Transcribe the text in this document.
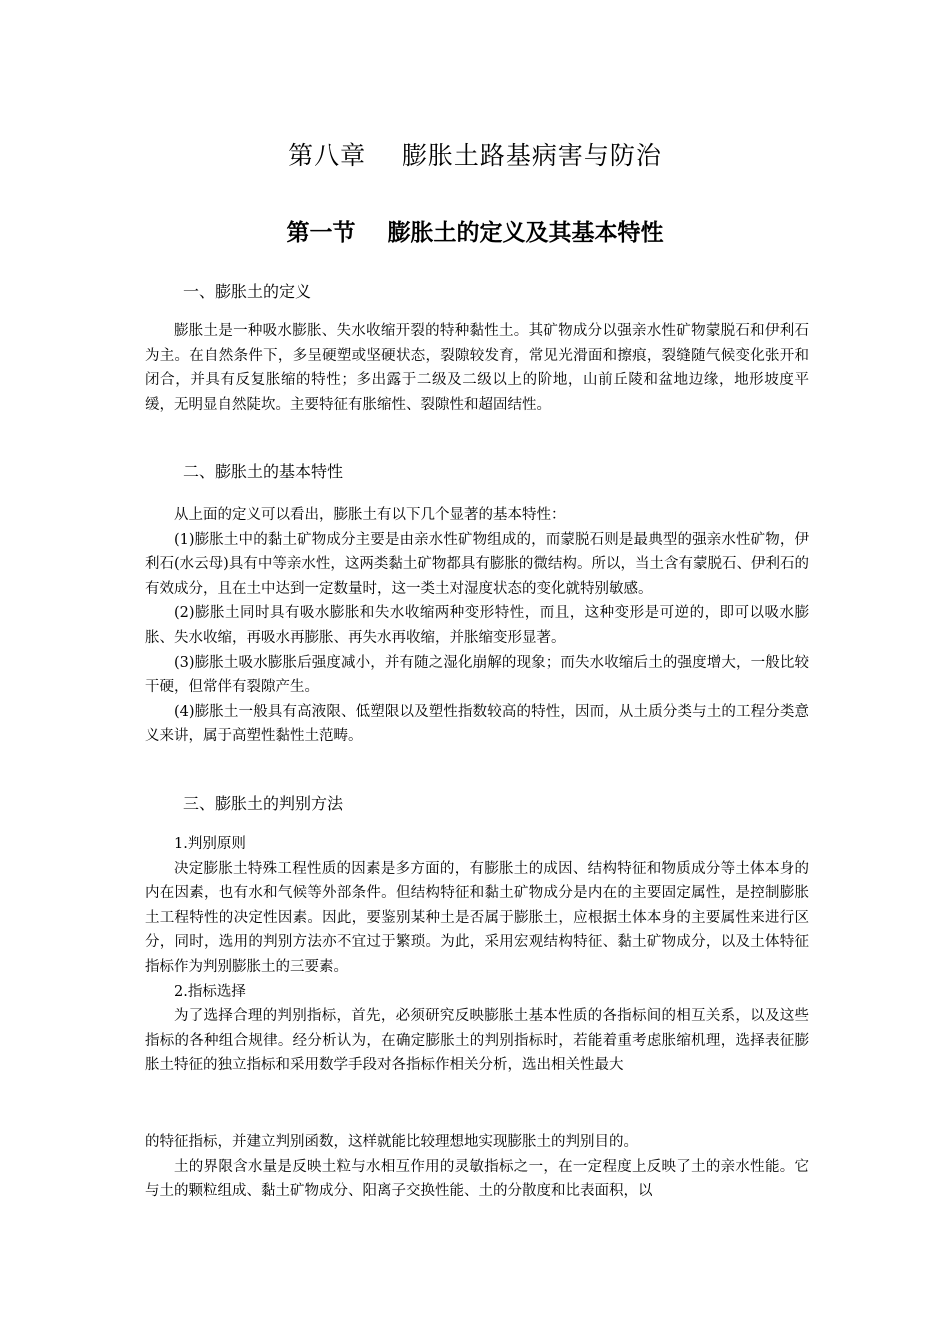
第八章    膨胀土路基病害与防治
第一节    膨胀土的定义及其基本特性
一、膨胀土的定义

膨胀土是一种吸水膨胀、失水收缩开裂的特种黏性土。其矿物成分以强亲水性矿物蒙脱石和伊利石为主。在自然条件下，多呈硬塑或坚硬状态，裂隙较发育，常见光滑面和擦痕，裂缝随气候变化张开和闭合，并具有反复胀缩的特性；多出露于二级及二级以上的阶地，山前丘陵和盆地边缘，地形坡度平缓，无明显自然陡坎。主要特征有胀缩性、裂隙性和超固结性。

二、膨胀土的基本特性

从上面的定义可以看出，膨胀土有以下几个显著的基本特性：

(1)膨胀土中的黏土矿物成分主要是由亲水性矿物组成的，而蒙脱石则是最典型的强亲水性矿物，伊利石(水云母)具有中等亲水性，这两类黏土矿物都具有膨胀的微结构。所以，当土含有蒙脱石、伊利石的有效成分，且在土中达到一定数量时，这一类土对湿度状态的变化就特别敏感。

(2)膨胀土同时具有吸水膨胀和失水收缩两种变形特性，而且，这种变形是可逆的，即可以吸水膨胀、失水收缩，再吸水再膨胀、再失水再收缩，并胀缩变形显著。

(3)膨胀土吸水膨胀后强度减小，并有随之湿化崩解的现象；而失水收缩后土的强度增大，一般比较干硬，但常伴有裂隙产生。

(4)膨胀土一般具有高液限、低塑限以及塑性指数较高的特性，因而，从土质分类与土的工程分类意义来讲，属于高塑性黏性土范畴。

三、膨胀土的判别方法

1.判别原则

决定膨胀土特殊工程性质的因素是多方面的，有膨胀土的成因、结构特征和物质成分等土体本身的内在因素，也有水和气候等外部条件。但结构特征和黏土矿物成分是内在的主要固定属性，是控制膨胀土工程特性的决定性因素。因此，要鉴别某种土是否属于膨胀土，应根据土体本身的主要属性来进行区分，同时，选用的判别方法亦不宜过于繁琐。为此，采用宏观结构特征、黏土矿物成分，以及土体特征指标作为判别膨胀土的三要素。

2.指标选择

为了选择合理的判别指标，首先，必须研究反映膨胀土基本性质的各指标间的相互关系，以及这些指标的各种组合规律。经分析认为，在确定膨胀土的判别指标时，若能着重考虑胀缩机理，选择表征膨胀土特征的独立指标和采用数学手段对各指标作相关分析，选出相关性最大

的特征指标，并建立判别函数，这样就能比较理想地实现膨胀土的判别目的。

土的界限含水量是反映土粒与水相互作用的灵敏指标之一，在一定程度上反映了土的亲水性能。它与土的颗粒组成、黏土矿物成分、阳离子交换性能、土的分散度和比表面积，以
